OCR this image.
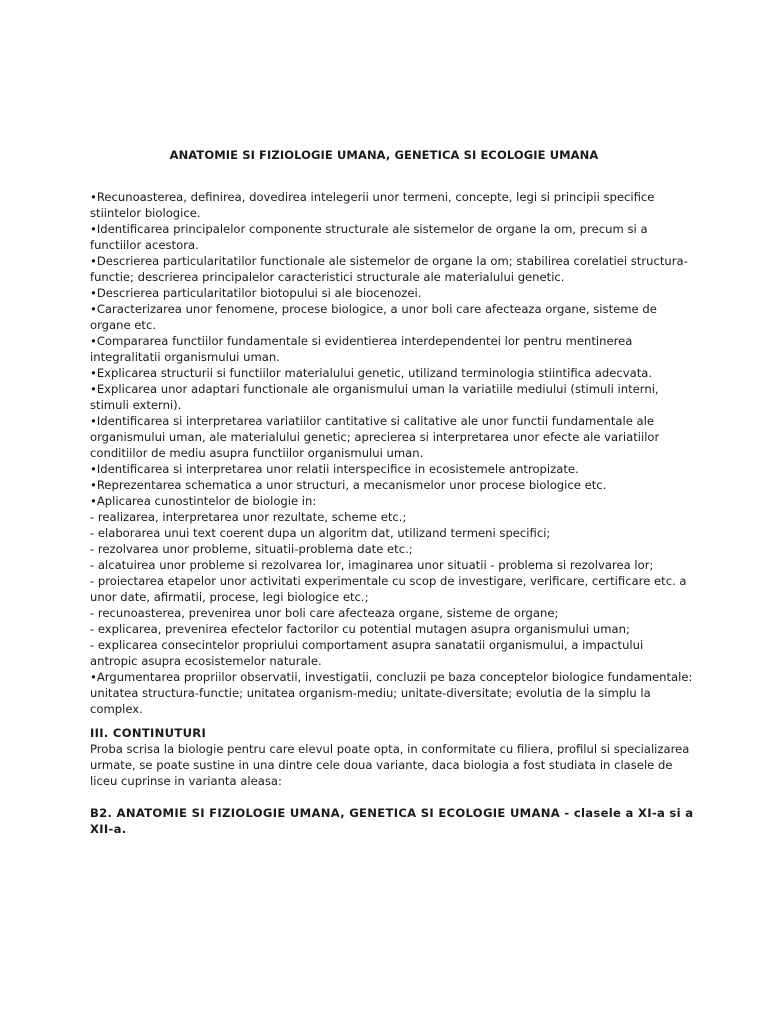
ANATOMIE SI FIZIOLOGIE UMANA, GENETICA SI ECOLOGIE UMANA
•Recunoasterea, definirea, dovedirea intelegerii unor termeni, concepte, legi si principii specifice
stiintelor biologice.
•Identificarea principalelor componente structurale ale sistemelor de organe la om, precum si a
functiilor acestora.
•Descrierea particularitatilor functionale ale sistemelor de organe la om; stabilirea corelatiei structura-
functie; descrierea principalelor caracteristici structurale ale materialului genetic.
•Descrierea particularitatilor biotopului si ale biocenozei.
•Caracterizarea unor fenomene, procese biologice, a unor boli care afecteaza organe, sisteme de
organe etc.
•Compararea functiilor fundamentale si evidentierea interdependentei lor pentru mentinerea
integralitatii organismului uman.
•Explicarea structurii si functiilor materialului genetic, utilizand terminologia stiintifica adecvata.
•Explicarea unor adaptari functionale ale organismului uman la variatiile mediului (stimuli interni,
stimuli externi).
•Identificarea si interpretarea variatiilor cantitative si calitative ale unor functii fundamentale ale
organismului uman, ale materialului genetic; aprecierea si interpretarea unor efecte ale variatiilor
conditiilor de mediu asupra functiilor organismului uman.
•Identificarea si interpretarea unor relatii interspecifice in ecosistemele antropizate.
•Reprezentarea schematica a unor structuri, a mecanismelor unor procese biologice etc.
•Aplicarea cunostintelor de biologie in:
- realizarea, interpretarea unor rezultate, scheme etc.;
- elaborarea unui text coerent dupa un algoritm dat, utilizand termeni specifici;
- rezolvarea unor probleme, situatii-problema date etc.;
- alcatuirea unor probleme si rezolvarea lor, imaginarea unor situatii - problema si rezolvarea lor;
- proiectarea etapelor unor activitati experimentale cu scop de investigare, verificare, certificare etc. a
unor date, afirmatii, procese, legi biologice etc.;
- recunoasterea, prevenirea unor boli care afecteaza organe, sisteme de organe;
- explicarea, prevenirea efectelor factorilor cu potential mutagen asupra organismului uman;
- explicarea consecintelor propriului comportament asupra sanatatii organismului, a impactului
antropic asupra ecosistemelor naturale.
•Argumentarea propriilor observatii, investigatii, concluzii pe baza conceptelor biologice fundamentale:
unitatea structura-functie; unitatea organism-mediu; unitate-diversitate; evolutia de la simplu la
complex.
III. CONTINUTURI
Proba scrisa la biologie pentru care elevul poate opta, in conformitate cu filiera, profilul si specializarea
urmate, se poate sustine in una dintre cele doua variante, daca biologia a fost studiata in clasele de
liceu cuprinse in varianta aleasa:
B2. ANATOMIE SI FIZIOLOGIE UMANA, GENETICA SI ECOLOGIE UMANA - clasele a XI-a si a
XII-a.
